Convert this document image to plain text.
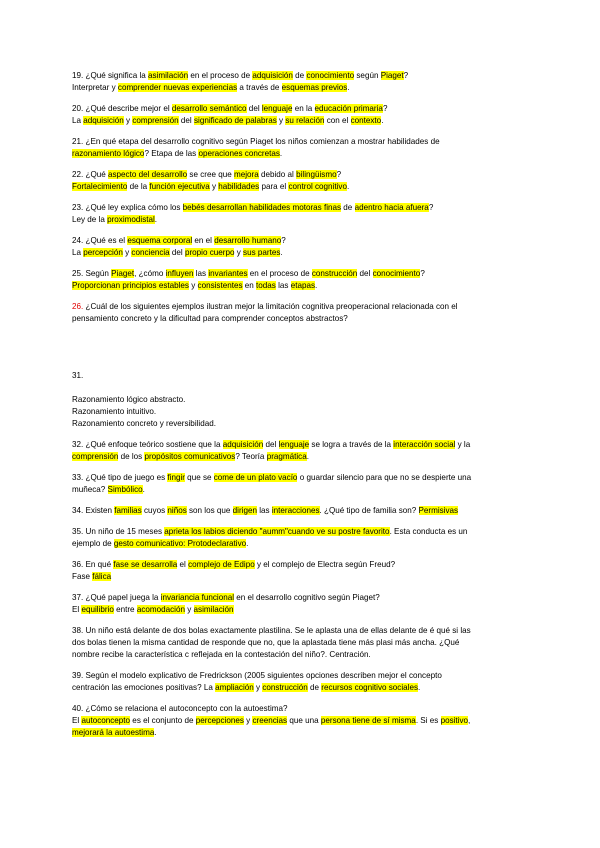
19. ¿Qué significa la asimilación en el proceso de adquisición de conocimiento según Piaget?
Interpretar y comprender nuevas experiencias a través de esquemas previos.
20. ¿Qué describe mejor el desarrollo semántico del lenguaje en la educación primaria?
La adquisición y comprensión del significado de palabras y su relación con el contexto.
21. ¿En qué etapa del desarrollo cognitivo según Piaget los niños comienzan a mostrar habilidades de
razonamiento lógico? Etapa de las operaciones concretas.
22. ¿Qué aspecto del desarrollo se cree que mejora debido al bilingüismo?
Fortalecimiento de la función ejecutiva y habilidades para el control cognitivo.
23. ¿Qué ley explica cómo los bebés desarrollan habilidades motoras finas de adentro hacia afuera?
Ley de la proximodistal.
24. ¿Qué es el esquema corporal en el desarrollo humano?
La percepción y conciencia del propio cuerpo y sus partes.
25. Según Piaget, ¿cómo influyen las invariantes en el proceso de construcción del conocimiento?
Proporcionan principios estables y consistentes en todas las etapas.
26. ¿Cuál de los siguientes ejemplos ilustran mejor la limitación cognitiva preoperacional relacionada con el
pensamiento concreto y la dificultad para comprender conceptos abstractos?
31.
Razonamiento lógico abstracto.
Razonamiento intuitivo.
Razonamiento concreto y reversibilidad.
32. ¿Qué enfoque teórico sostiene que la adquisición del lenguaje se logra a través de la interacción social y la
comprensión de los propósitos comunicativos? Teoría pragmática.
33. ¿Qué tipo de juego es fingir que se come de un plato vacío o guardar silencio para que no se despierte una
muñeca? Simbólico.
34. Existen familias cuyos niños son los que dirigen las interacciones. ¿Qué tipo de familia son? Permisivas
35. Un niño de 15 meses aprieta los labios diciendo "aumm"cuando ve su postre favorito. Esta conducta es un
ejemplo de gesto comunicativo: Protodeclarativo.
36. En qué fase se desarrolla el complejo de Edipo y el complejo de Electra según Freud?
Fase fálica
37. ¿Qué papel juega la invariancia funcional en el desarrollo cognitivo según Piaget?
El equilibrio entre acomodación y asimilación
38. Un niño está delante de dos bolas exactamente plastilina. Se le aplasta una de ellas delante de é qué si las
dos bolas tienen la misma cantidad de responde que no, que la aplastada tiene más plasi más ancha. ¿Qué
nombre recibe la característica c reflejada en la contestación del niño?. Centración.
39. Según el modelo explicativo de Fredrickson (2005 siguientes opciones describen mejor el concepto
centración las emociones positivas? La ampliación y construcción de recursos cognitivo sociales.
40. ¿Cómo se relaciona el autoconcepto con la autoestima?
El autoconcepto es el conjunto de percepciones y creencias que una persona tiene de sí misma. Si es positivo,
mejorará la autoestima.
